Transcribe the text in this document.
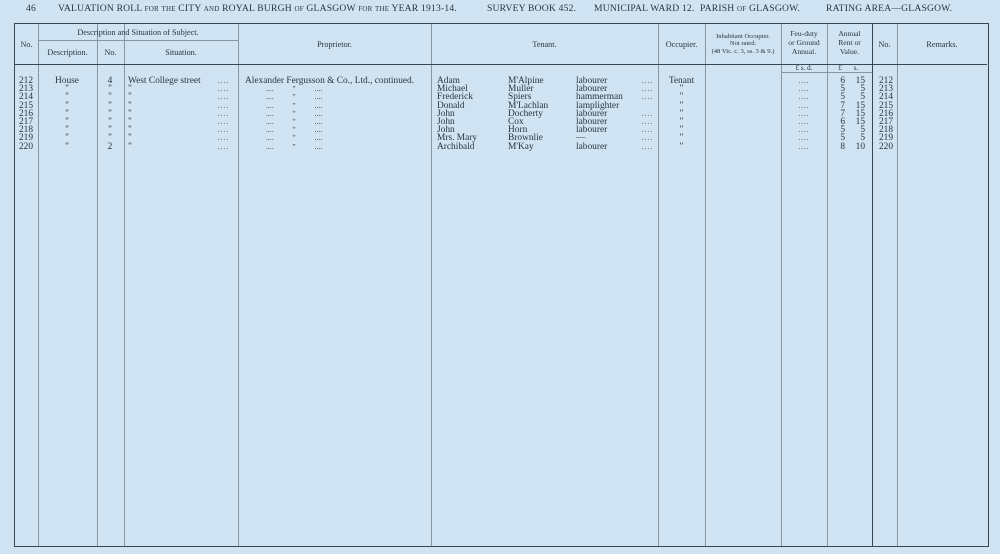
46 VALUATION ROLL for the CITY and ROYAL BURGH of GLASGOW for the YEAR 1913-14.	SURVEY BOOK 452. MUNICIPAL WARD 12. PARISH of GLASGOW.	RATING AREA—GLASGOW.
No.
Description and Situation of Subject.
Description.	No.	Situation.
Proprietor.	Tenant.	Occupier.
Inhabitant Occupier.
Not rated.
(48 Vic. c. 3, ss. 3 & 9.)
Feu-duty
or Ground
Annual.
Annual
Rent or
Value.
No.	Remarks.
£ s. d.	£	s.
212	House	4	West College street	....	Alexander Fergusson & Co., Ltd., continued.	Adam	M'Alpine	labourer	....	Tenant	....	6	15	212
213	"	"	"	....	....          "          ....	Michael	Muller	labourer	....	"	....	5	5	213
214	"	"	"	....	....          "          ....	Frederick	Spiers	hammerman	....	"	....	5	5	214
215	"	"	"	....	....          "          ....	Donald	M'Lachlan	lamplighter	"	....	7	15	215
216	"	"	"	....	....          "          ....	John	Docherty	labourer	....	"	....	7	15	216
217	"	"	"	....	....          "          ....	John	Cox	labourer	....	"	....	6	15	217
218	"	"	"	....	....          "          ....	John	Horn	labourer	....	"	....	5	5	218
219	"	"	"	....	....          "          ....	Mrs. Mary	Brownlie	—	....	"	....	5	5	219
220	"	2	"	....	....          "          ....	Archibald	M'Kay	labourer	....	"	....	8	10	220
